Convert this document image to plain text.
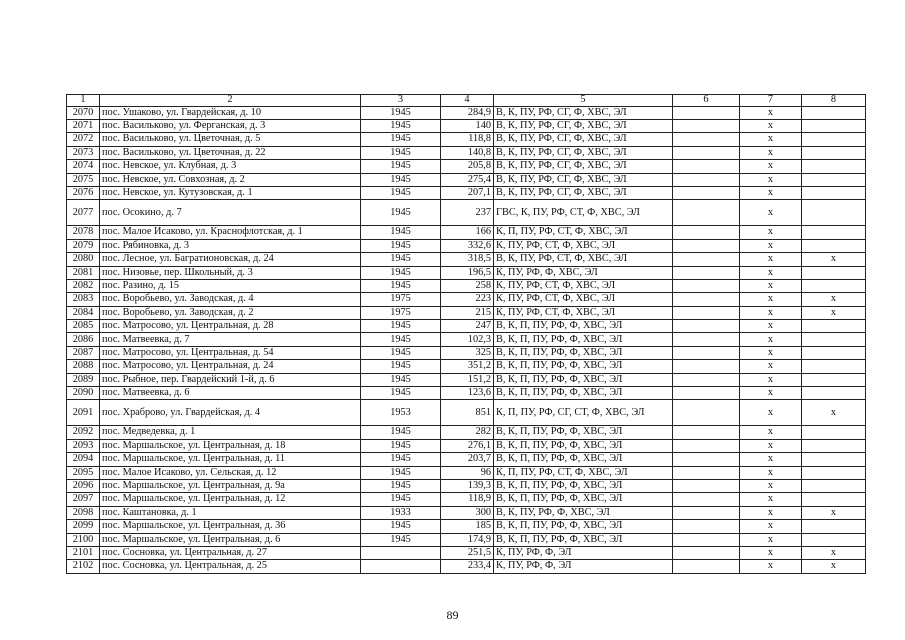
1	2	3	4	5	6	7	8
2070	пос. Ушаково, ул. Гвардейская, д. 10	1945	284,9	В, К, ПУ, РФ, СГ, Ф, ХВС, ЭЛ		х	
2071	пос. Васильково, ул. Ферганская, д. 3	1945	140	В, К, ПУ, РФ, СГ, Ф, ХВС, ЭЛ		х	
2072	пос. Васильково, ул. Цветочная, д. 5	1945	118,8	В, К, ПУ, РФ, СГ, Ф, ХВС, ЭЛ		х	
2073	пос. Васильково, ул. Цветочная, д. 22	1945	140,8	В, К, ПУ, РФ, СГ, Ф, ХВС, ЭЛ		х	
2074	пос. Невское, ул. Клубная, д. 3	1945	205,8	В, К, ПУ, РФ, СГ, Ф, ХВС, ЭЛ		х	
2075	пос. Невское, ул. Совхозная, д. 2	1945	275,4	В, К, ПУ, РФ, СГ, Ф, ХВС, ЭЛ		х	
2076	пос. Невское, ул. Кутузовская, д. 1	1945	207,1	В, К, ПУ, РФ, СГ, Ф, ХВС, ЭЛ		х	
2077	пос. Осокино, д. 7	1945	237	ГВС, К, ПУ, РФ, СТ, Ф, ХВС, ЭЛ		х	
2078	пос. Малое Исаково, ул. Краснофлотская, д. 1	1945	166	К, П, ПУ, РФ, СТ, Ф, ХВС, ЭЛ		х	
2079	пос. Рябиновка, д. 3	1945	332,6	К, ПУ, РФ, СТ, Ф, ХВС, ЭЛ		х	
2080	пос. Лесное, ул. Багратионовская, д. 24	1945	318,5	В, К, ПУ, РФ, СТ, Ф, ХВС, ЭЛ		х	х
2081	пос. Низовье, пер. Школьный, д. 3	1945	196,5	К, ПУ, РФ, Ф, ХВС, ЭЛ		х	
2082	пос. Разино, д. 15	1945	258	К, ПУ, РФ, СТ, Ф, ХВС, ЭЛ		х	
2083	пос. Воробьево, ул. Заводская, д. 4	1975	223	К, ПУ, РФ, СТ, Ф, ХВС, ЭЛ		х	х
2084	пос. Воробьево, ул. Заводская, д. 2	1975	215	К, ПУ, РФ, СТ, Ф, ХВС, ЭЛ		х	х
2085	пос. Матросово, ул. Центральная, д. 28	1945	247	В, К, П, ПУ, РФ, Ф, ХВС, ЭЛ		х	
2086	пос. Матвеевка, д. 7	1945	102,3	В, К, П, ПУ, РФ, Ф, ХВС, ЭЛ		х	
2087	пос. Матросово, ул. Центральная, д. 54	1945	325	В, К, П, ПУ, РФ, Ф, ХВС, ЭЛ		х	
2088	пос. Матросово, ул. Центральная, д. 24	1945	351,2	В, К, П, ПУ, РФ, Ф, ХВС, ЭЛ		х	
2089	пос. Рыбное, пер. Гвардейский 1-й, д. 6	1945	151,2	В, К, П, ПУ, РФ, Ф, ХВС, ЭЛ		х	
2090	пос. Матвеевка, д. 6	1945	123,6	В, К, П, ПУ, РФ, Ф, ХВС, ЭЛ		х	
2091	пос. Храброво, ул. Гвардейская, д. 4	1953	851	К, П, ПУ, РФ, СГ, СТ, Ф, ХВС, ЭЛ		х	х
2092	пос. Медведевка, д. 1	1945	282	В, К, П, ПУ, РФ, Ф, ХВС, ЭЛ		х	
2093	пос. Маршальское, ул. Центральная, д. 18	1945	276,1	В, К, П, ПУ, РФ, Ф, ХВС, ЭЛ		х	
2094	пос. Маршальское, ул. Центральная, д. 11	1945	203,7	В, К, П, ПУ, РФ, Ф, ХВС, ЭЛ		х	
2095	пос. Малое Исаково, ул. Сельская, д. 12	1945	96	К, П, ПУ, РФ, СТ, Ф, ХВС, ЭЛ		х	
2096	пос. Маршальское, ул. Центральная, д. 9а	1945	139,3	В, К, П, ПУ, РФ, Ф, ХВС, ЭЛ		х	
2097	пос. Маршальское, ул. Центральная, д. 12	1945	118,9	В, К, П, ПУ, РФ, Ф, ХВС, ЭЛ		х	
2098	пос. Каштановка, д. 1	1933	300	В, К, ПУ, РФ, Ф, ХВС, ЭЛ		х	х
2099	пос. Маршальское, ул. Центральная, д. 36	1945	185	В, К, П, ПУ, РФ, Ф, ХВС, ЭЛ		х	
2100	пос. Маршальское, ул. Центральная, д. 6	1945	174,9	В, К, П, ПУ, РФ, Ф, ХВС, ЭЛ		х	
2101	пос. Сосновка, ул. Центральная, д. 27		251,5	К, ПУ, РФ, Ф, ЭЛ		х	х
2102	пос. Сосновка, ул. Центральная, д. 25		233,4	К, ПУ, РФ, Ф, ЭЛ		х	х
89
